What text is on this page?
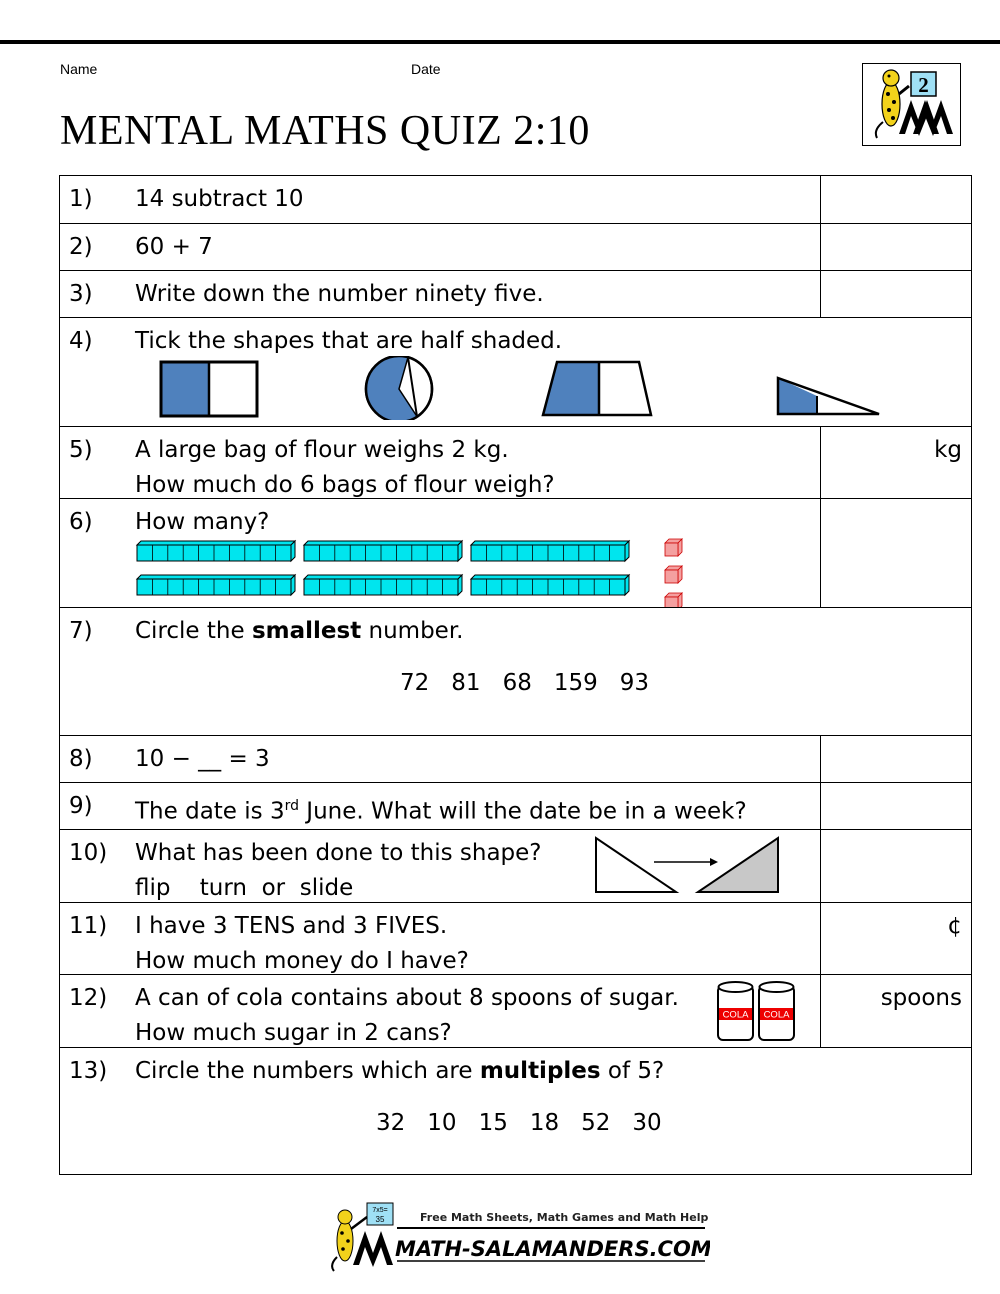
Name	Date
MENTAL MATHS QUIZ 2:10
2
1) 14 subtract 10
2) 60 + 7
3) Write down the number ninety five.
4) Tick the shapes that are half shaded.
5) A large bag of flour weighs 2 kg.
How much do 6 bags of flour weigh?
kg
6) How many?
7) Circle the smallest number.
72 81 68 159 93
8) 10 − __ = 3
9) The date is 3rd June. What will the date be in a week?
10) What has been done to this shape?
flip    turn  or  slide
11) I have 3 TENS and 3 FIVES.
How much money do I have?
¢
12) A can of cola contains about 8 spoons of sugar.
How much sugar in 2 cans?
COLA COLA
spoons
13) Circle the numbers which are multiples of 5?
32 10 15 18 52 30
7x5=
35	Free Math Sheets, Math Games and Math Help
MATH-SALAMANDERS.COM
